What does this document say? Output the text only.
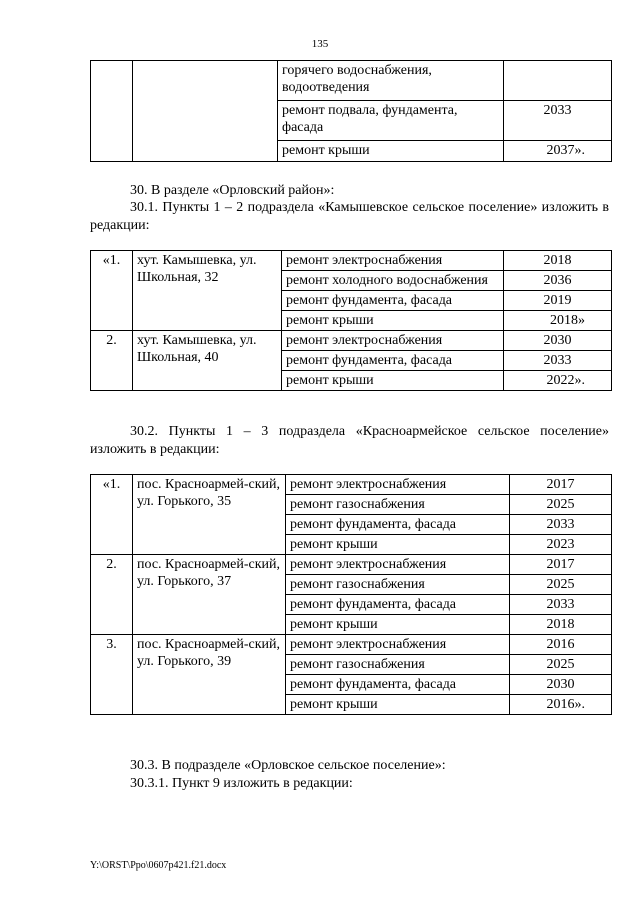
135
		горячего водоснабжения, водоотведения	
		ремонт подвала, фундамента, фасада	2033
		ремонт крыши	2037».
30. В разделе «Орловский район»:
30.1. Пункты 1 – 2 подраздела «Камышевское сельское поселение» изложить в редакции:
«1.	хут. Камышевка, ул. Школьная, 32	ремонт электроснабжения	2018
		ремонт холодного водоснабжения	2036
		ремонт фундамента, фасада	2019
		ремонт крыши	2018»
2.	хут. Камышевка, ул. Школьная, 40	ремонт электроснабжения	2030
		ремонт фундамента, фасада	2033
		ремонт крыши	2022».
30.2. Пункты 1 – 3 подраздела «Красноармейское сельское поселение» изложить в редакции:
«1.	пос. Красноармей-ский, ул. Горького, 35	ремонт электроснабжения	2017
		ремонт газоснабжения	2025
		ремонт фундамента, фасада	2033
		ремонт крыши	2023
2.	пос. Красноармей-ский, ул. Горького, 37	ремонт электроснабжения	2017
		ремонт газоснабжения	2025
		ремонт фундамента, фасада	2033
		ремонт крыши	2018
3.	пос. Красноармей-ский, ул. Горького, 39	ремонт электроснабжения	2016
		ремонт газоснабжения	2025
		ремонт фундамента, фасада	2030
		ремонт крыши	2016».
30.3. В подразделе «Орловское сельское поселение»:
30.3.1. Пункт 9 изложить в редакции:
Y:\ORST\Ppo\0607p421.f21.docx
